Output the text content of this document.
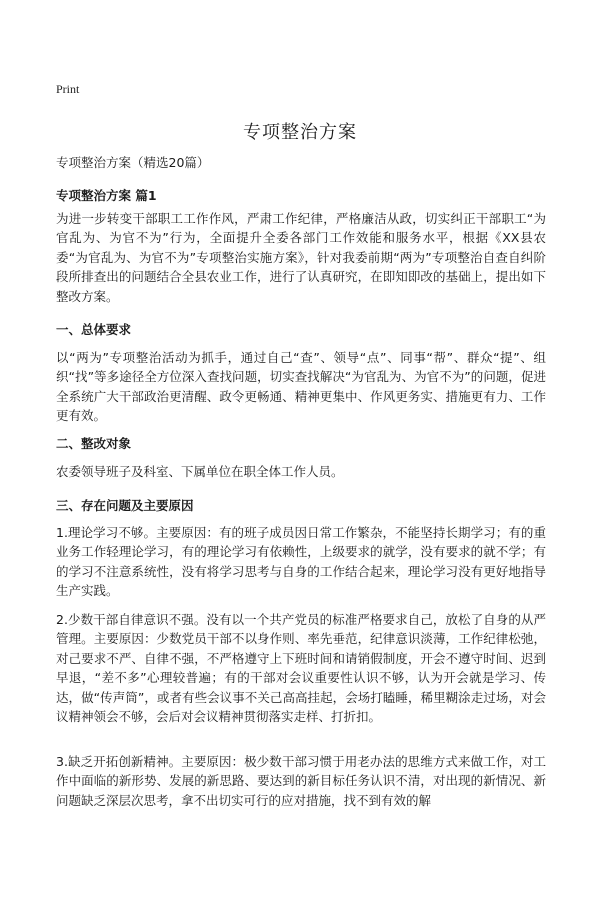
Print
专项整治方案
专项整治方案（精选20篇）
专项整治方案 篇1
为进一步转变干部职工工作作风，严肃工作纪律，严格廉洁从政，切实纠正干部职工“为官乱为、为官不为”行为，全面提升全委各部门工作效能和服务水平，根据《XX县农委“为官乱为、为官不为”专项整治实施方案》，针对我委前期“两为”专项整治自查自纠阶段所排查出的问题结合全县农业工作，进行了认真研究，在即知即改的基础上，提出如下整改方案。
一、总体要求
以“两为”专项整治活动为抓手，通过自己“查”、领导“点”、同事“帮”、群众“提”、组织“找”等多途径全方位深入查找问题，切实查找解决“为官乱为、为官不为”的问题，促进全系统广大干部政治更清醒、政令更畅通、精神更集中、作风更务实、措施更有力、工作更有效。
二、整改对象
农委领导班子及科室、下属单位在职全体工作人员。
三、存在问题及主要原因
1.理论学习不够。主要原因：有的班子成员因日常工作繁杂，不能坚持长期学习；有的重业务工作轻理论学习，有的理论学习有依赖性，上级要求的就学，没有要求的就不学；有的学习不注意系统性，没有将学习思考与自身的工作结合起来，理论学习没有更好地指导生产实践。
2.少数干部自律意识不强。没有以一个共产党员的标准严格要求自己，放松了自身的从严管理。主要原因：少数党员干部不以身作则、率先垂范，纪律意识淡薄，工作纪律松弛，对己要求不严、自律不强，不严格遵守上下班时间和请销假制度，开会不遵守时间、迟到早退，“差不多”心理较普遍；有的干部对会议重要性认识不够，认为开会就是学习、传达，做“传声筒”，或者有些会议事不关己高高挂起，会场打瞌睡，稀里糊涂走过场，对会议精神领会不够，会后对会议精神贯彻落实走样、打折扣。
3.缺乏开拓创新精神。主要原因：极少数干部习惯于用老办法的思维方式来做工作，对工作中面临的新形势、发展的新思路、要达到的新目标任务认识不清，对出现的新情况、新问题缺乏深层次思考，拿不出切实可行的应对措施，找不到有效的解
